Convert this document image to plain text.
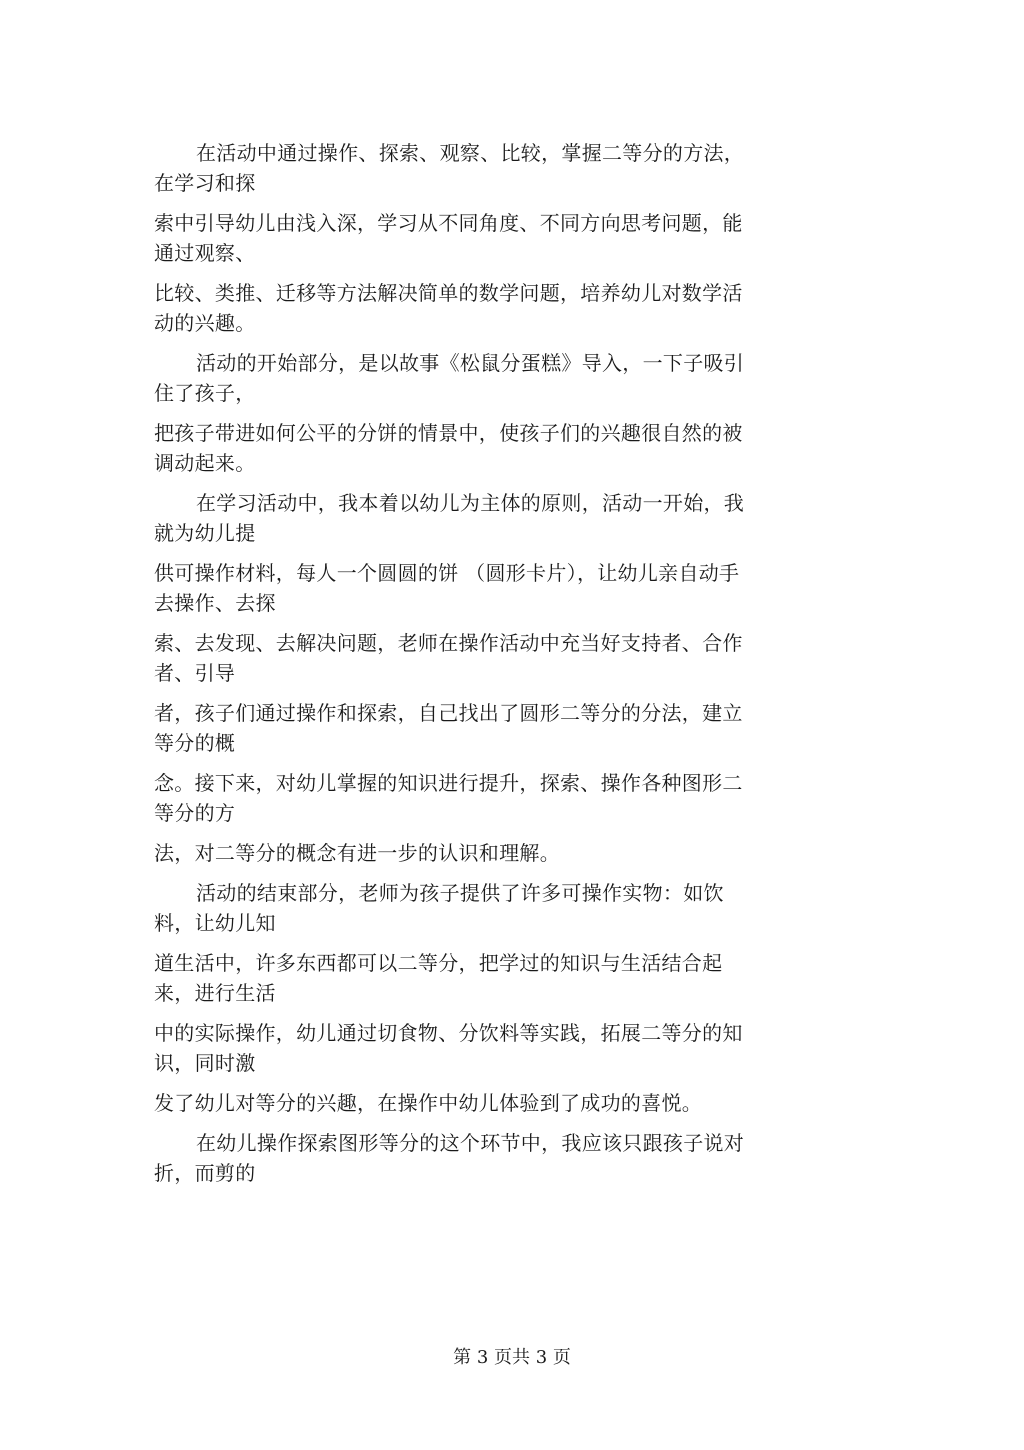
在活动中通过操作、探索、观察、比较，掌握二等分的方法，在学习和探

索中引导幼儿由浅入深，学习从不同角度、不同方向思考问题，能通过观察、

比较、类推、迁移等方法解决简单的数学问题，培养幼儿对数学活动的兴趣。

活动的开始部分，是以故事《松鼠分蛋糕》导入，一下子吸引住了孩子，

把孩子带进如何公平的分饼的情景中，使孩子们的兴趣很自然的被调动起来。

在学习活动中，我本着以幼儿为主体的原则，活动一开始，我就为幼儿提

供可操作材料，每人一个圆圆的饼 （圆形卡片），让幼儿亲自动手去操作、去探

索、去发现、去解决问题，老师在操作活动中充当好支持者、合作者、引导

者，孩子们通过操作和探索，自己找出了圆形二等分的分法，建立等分的概

念。接下来，对幼儿掌握的知识进行提升，探索、操作各种图形二等分的方

法，对二等分的概念有进一步的认识和理解。

活动的结束部分，老师为孩子提供了许多可操作实物：如饮料，让幼儿知

道生活中，许多东西都可以二等分，把学过的知识与生活结合起来，进行生活

中的实际操作，幼儿通过切食物、分饮料等实践，拓展二等分的知识，同时激

发了幼儿对等分的兴趣，在操作中幼儿体验到了成功的喜悦。

在幼儿操作探索图形等分的这个环节中，我应该只跟孩子说对折，而剪的

第 3 页共 3 页
